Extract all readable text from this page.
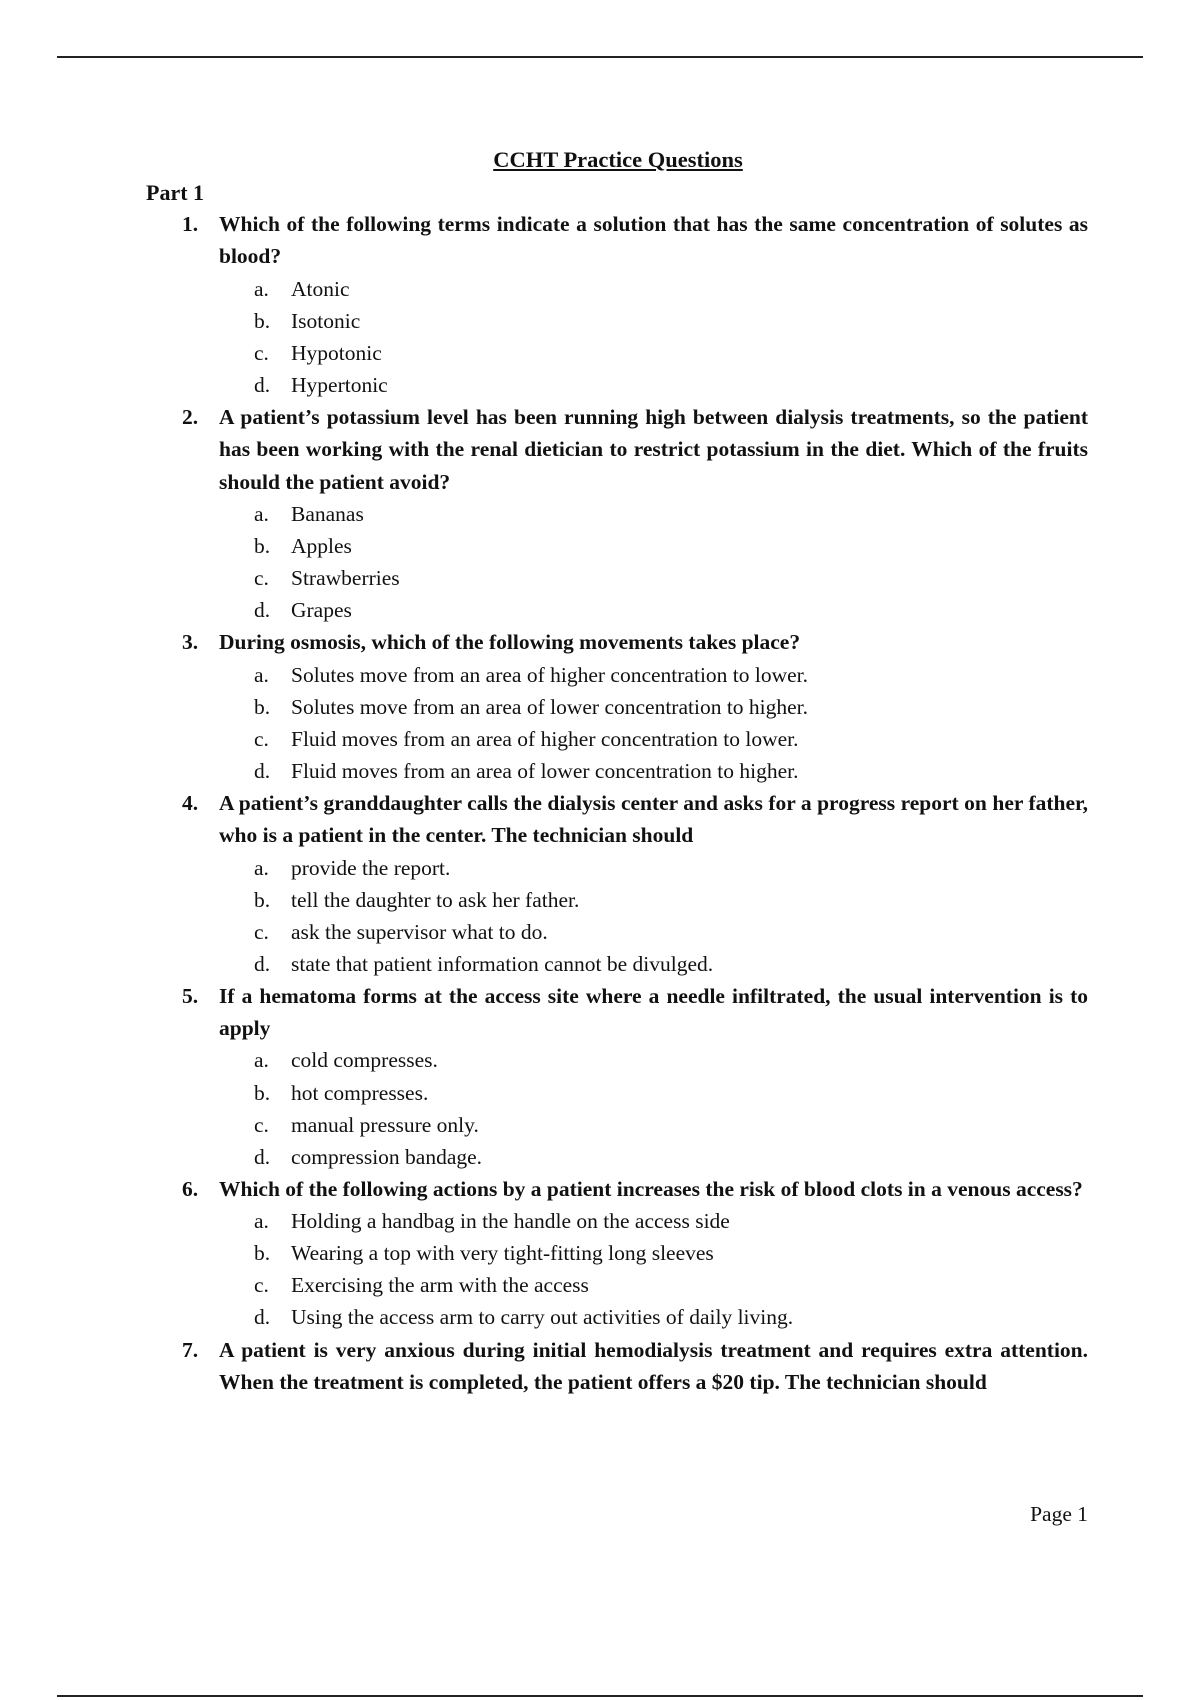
CCHT Practice Questions
Part 1
1. Which of the following terms indicate a solution that has the same concentration of solutes as blood?
a. Atonic
b. Isotonic
c. Hypotonic
d. Hypertonic
2. A patient’s potassium level has been running high between dialysis treatments, so the patient has been working with the renal dietician to restrict potassium in the diet. Which of the fruits should the patient avoid?
a. Bananas
b. Apples
c. Strawberries
d. Grapes
3. During osmosis, which of the following movements takes place?
a. Solutes move from an area of higher concentration to lower.
b. Solutes move from an area of lower concentration to higher.
c. Fluid moves from an area of higher concentration to lower.
d. Fluid moves from an area of lower concentration to higher.
4. A patient’s granddaughter calls the dialysis center and asks for a progress report on her father, who is a patient in the center. The technician should
a. provide the report.
b. tell the daughter to ask her father.
c. ask the supervisor what to do.
d. state that patient information cannot be divulged.
5. If a hematoma forms at the access site where a needle infiltrated, the usual intervention is to apply
a. cold compresses.
b. hot compresses.
c. manual pressure only.
d. compression bandage.
6. Which of the following actions by a patient increases the risk of blood clots in a venous access?
a. Holding a handbag in the handle on the access side
b. Wearing a top with very tight-fitting long sleeves
c. Exercising the arm with the access
d. Using the access arm to carry out activities of daily living.
7. A patient is very anxious during initial hemodialysis treatment and requires extra attention. When the treatment is completed, the patient offers a $20 tip. The technician should
Page 1
